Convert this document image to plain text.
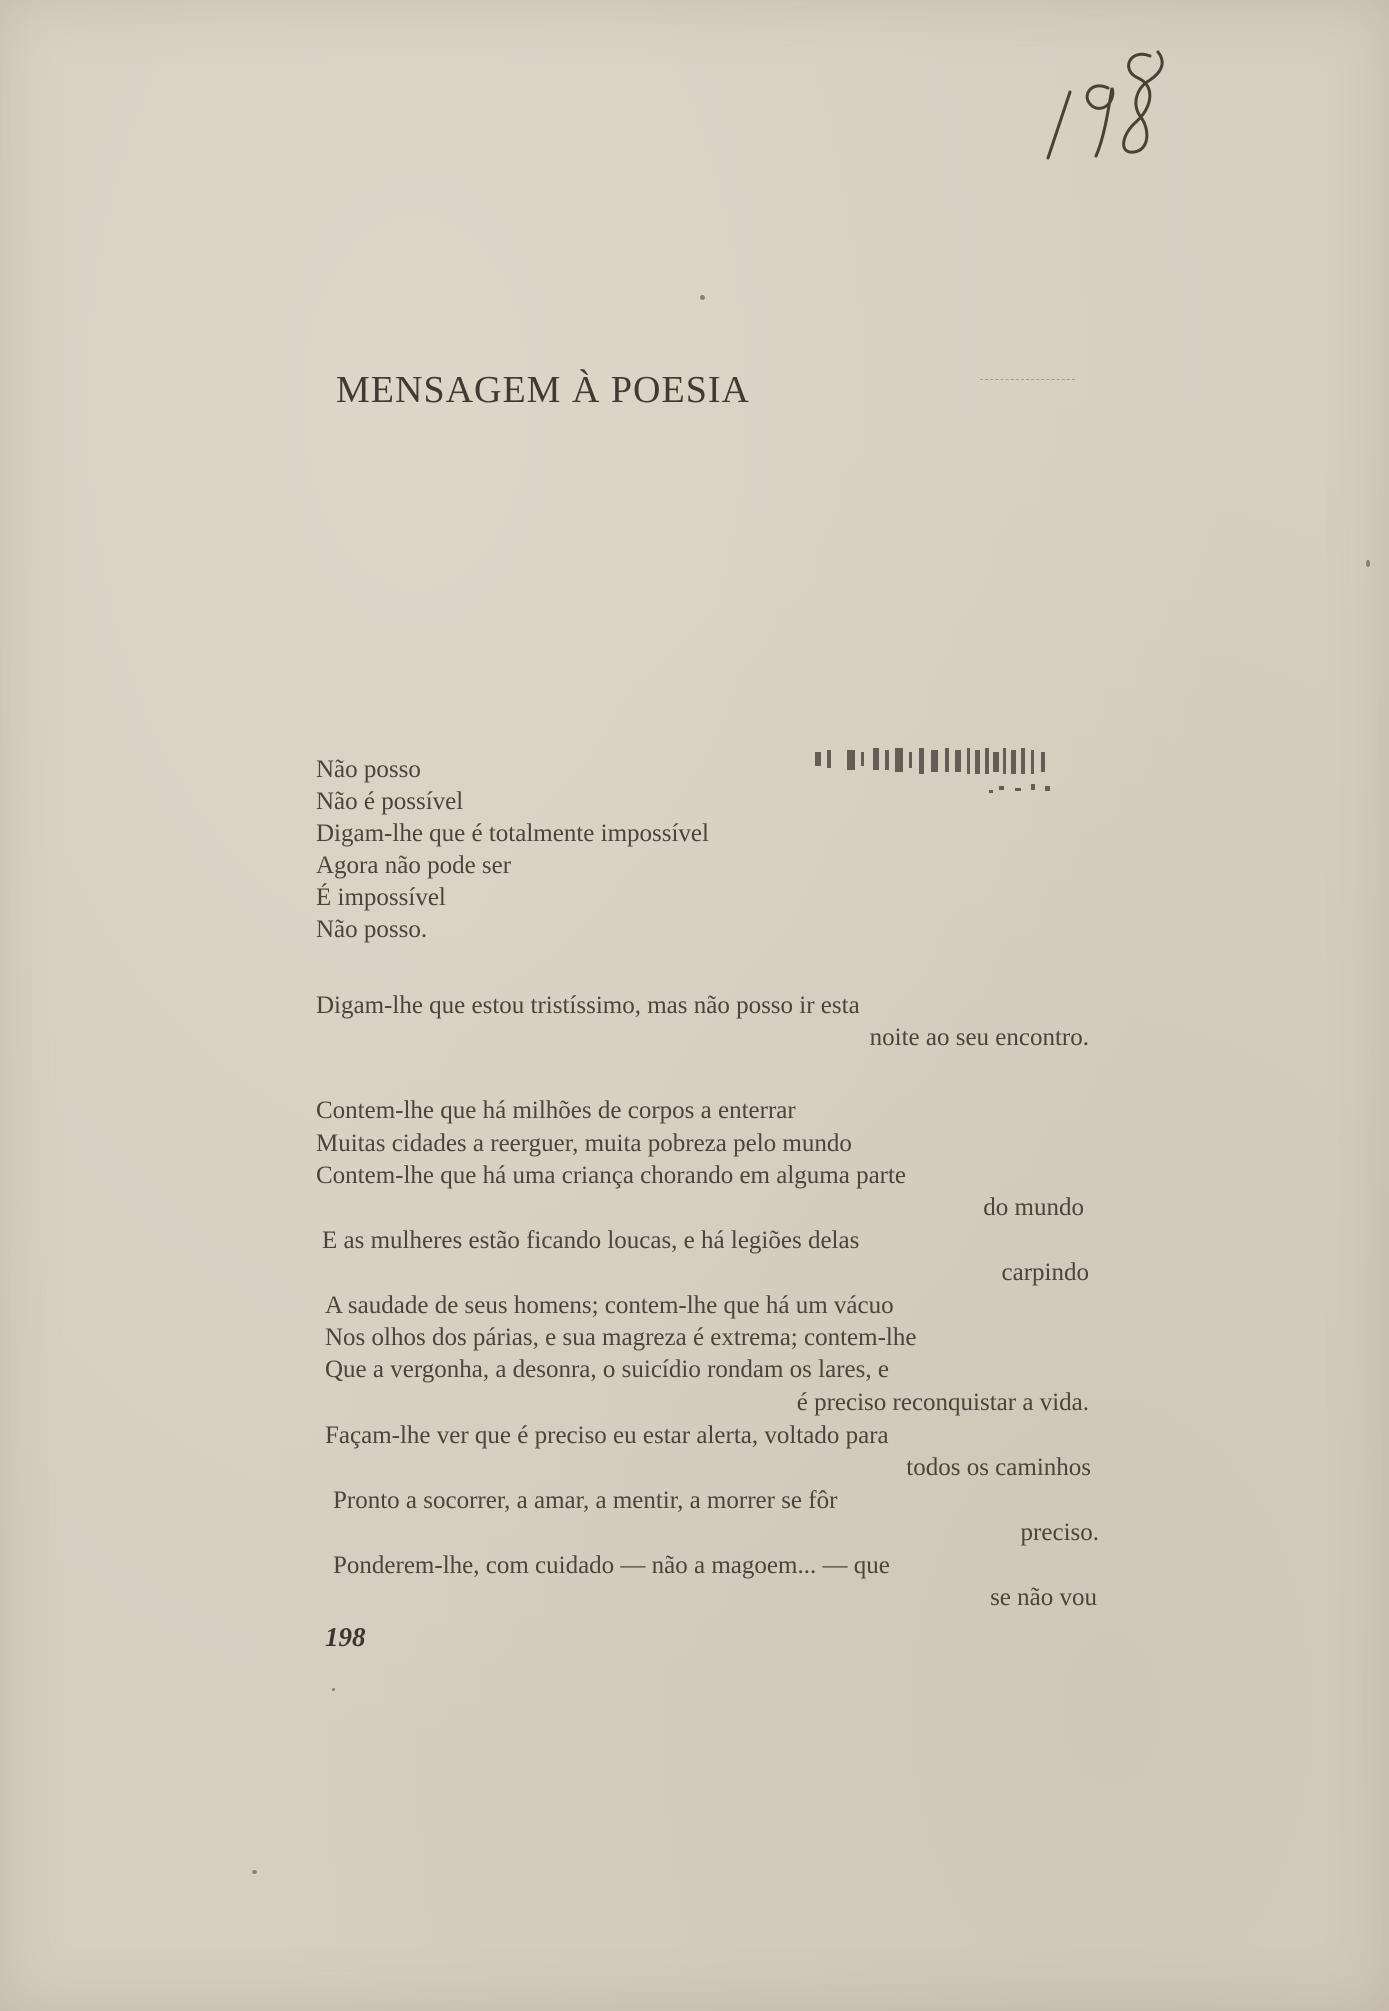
MENSAGEM À POESIA
Não posso
Não é possível
Digam-lhe que é totalmente impossível
Agora não pode ser
É impossível
Não posso.
Digam-lhe que estou tristíssimo, mas não posso ir esta
noite ao seu encontro.
Contem-lhe que há milhões de corpos a enterrar
Muitas cidades a reerguer, muita pobreza pelo mundo
Contem-lhe que há uma criança chorando em alguma parte
do mundo
E as mulheres estão ficando loucas, e há legiões delas
carpindo
A saudade de seus homens; contem-lhe que há um vácuo
Nos olhos dos párias, e sua magreza é extrema; contem-lhe
Que a vergonha, a desonra, o suicídio rondam os lares, e
é preciso reconquistar a vida.
Façam-lhe ver que é preciso eu estar alerta, voltado para
todos os caminhos
Pronto a socorrer, a amar, a mentir, a morrer se fôr
preciso.
Ponderem-lhe, com cuidado — não a magoem... — que
se não vou
198
